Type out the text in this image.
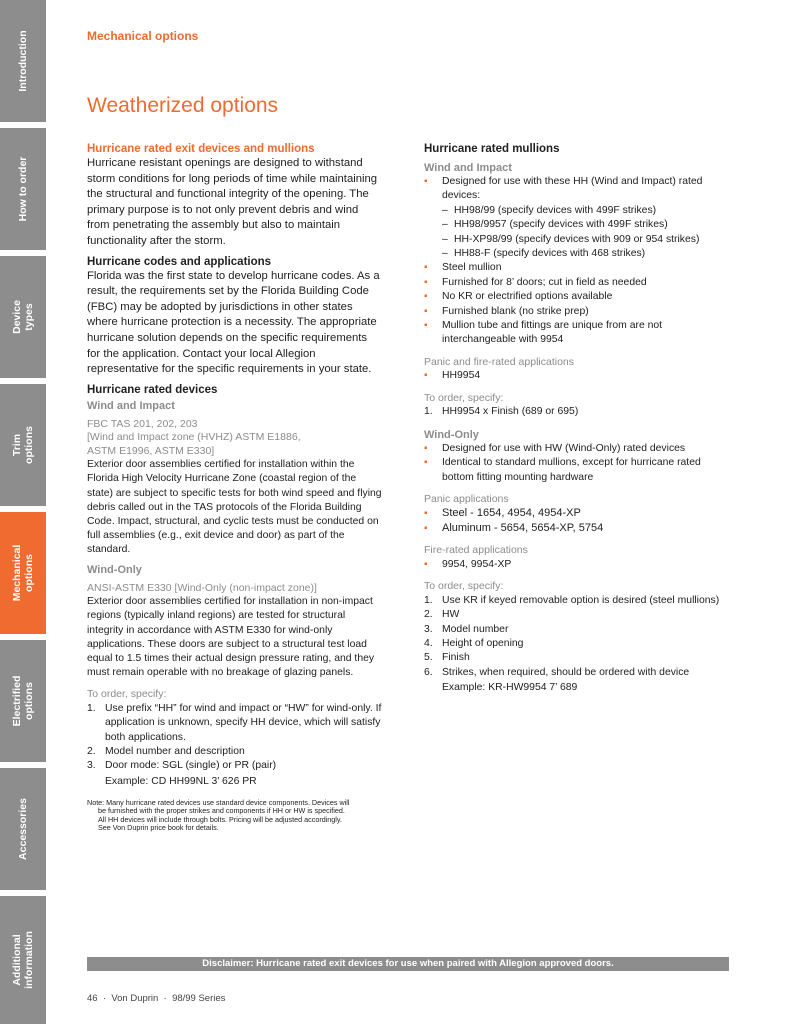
Introduction
How to order
Device
types
Trim
options
Mechanical
options
Electrified
options
Accessories
Additional
information
Mechanical options
Weatherized options
Hurricane rated exit devices and mullions

Hurricane resistant openings are designed to withstand storm conditions for long periods of time while maintaining the structural and functional integrity of the opening. The primary purpose is to not only prevent debris and wind from penetrating the assembly but also to maintain functionality after the storm.

Hurricane codes and applications

Florida was the first state to develop hurricane codes. As a result, the requirements set by the Florida Building Code (FBC) may be adopted by jurisdictions in other states where hurricane protection is a necessity. The appropriate hurricane solution depends on the specific requirements for the application. Contact your local Allegion representative for the specific requirements in your state.

Hurricane rated devices
Wind and Impact
FBC TAS 201, 202, 203
[Wind and Impact zone (HVHZ) ASTM E1886,
ASTM E1996, ASTM E330]

Exterior door assemblies certified for installation within the Florida High Velocity Hurricane Zone (coastal region of the state) are subject to specific tests for both wind speed and flying debris called out in the TAS protocols of the Florida Building Code. Impact, structural, and cyclic tests must be conducted on full assemblies (e.g., exit device and door) as part of the standard.

Wind-Only
ANSI-ASTM E330 [Wind-Only (non-impact zone)]

Exterior door assemblies certified for installation in non-impact regions (typically inland regions) are tested for structural integrity in accordance with ASTM E330 for wind-only applications. These doors are subject to a structural test load equal to 1.5 times their actual design pressure rating, and they must remain operable with no breakage of glazing panels.

To order, specify:
1. Use prefix “HH” for wind and impact or “HW” for wind-only. If application is unknown, specify HH device, which will satisfy both applications.
2. Model number and description
3. Door mode: SGL (single) or PR (pair)
Example: CD HH99NL 3’ 626 PR
Note: Many hurricane rated devices use standard device components. Devices will
be furnished with the proper strikes and components if HH or HW is specified.
All HH devices will include through bolts. Pricing will be adjusted accordingly.
See Von Duprin price book for details.
Hurricane rated mullions
Wind and Impact
▪ Designed for use with these HH (Wind and Impact) rated devices:
– HH98/99 (specify devices with 499F strikes)
– HH98/9957 (specify devices with 499F strikes)
– HH-XP98/99 (specify devices with 909 or 954 strikes)
– HH88-F (specify devices with 468 strikes)
▪ Steel mullion
▪ Furnished for 8’ doors; cut in field as needed
▪ No KR or electrified options available
▪ Furnished blank (no strike prep)
▪ Mullion tube and fittings are unique from are not interchangeable with 9954
Panic and fire-rated applications
▪ HH9954
To order, specify:
1. HH9954 x Finish (689 or 695)
Wind-Only
▪ Designed for use with HW (Wind-Only) rated devices
▪ Identical to standard mullions, except for hurricane rated bottom fitting mounting hardware
Panic applications
▪ Steel - 1654, 4954, 4954-XP
▪ Aluminum - 5654, 5654-XP, 5754
Fire-rated applications
▪ 9954, 9954-XP
To order, specify:
1. Use KR if keyed removable option is desired (steel mullions)
2. HW
3. Model number
4. Height of opening
5. Finish
6. Strikes, when required, should be ordered with device
Example: KR-HW9954 7’ 689
Disclaimer: Hurricane rated exit devices for use when paired with Allegion approved doors.
46 · Von Duprin · 98/99 Series
